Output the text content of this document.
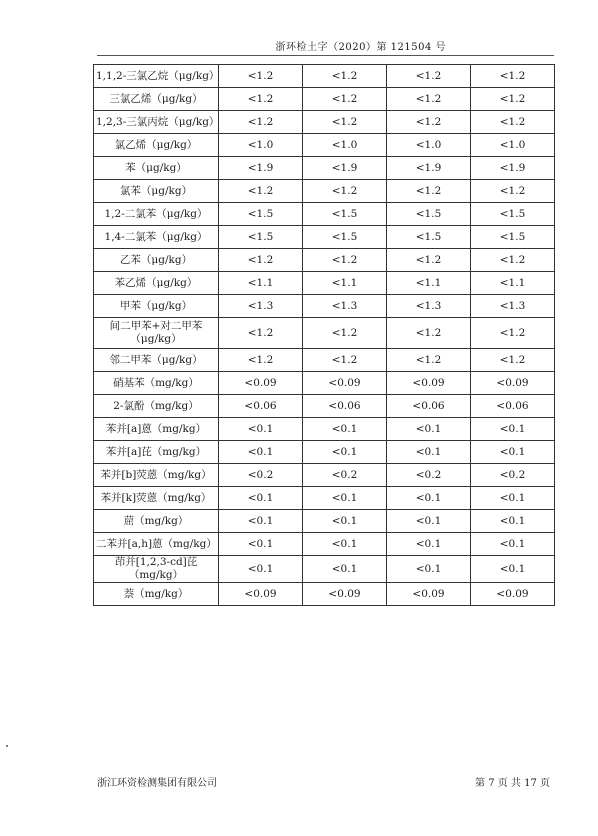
浙环检土字（2020）第 121504 号
1,1,2-三氯乙烷（μg/kg）	<1.2	<1.2	<1.2	<1.2
三氯乙烯（μg/kg）	<1.2	<1.2	<1.2	<1.2
1,2,3-三氯丙烷（μg/kg）	<1.2	<1.2	<1.2	<1.2
氯乙烯（μg/kg）	<1.0	<1.0	<1.0	<1.0
苯（μg/kg）	<1.9	<1.9	<1.9	<1.9
氯苯（μg/kg）	<1.2	<1.2	<1.2	<1.2
1,2-二氯苯（μg/kg）	<1.5	<1.5	<1.5	<1.5
1,4-二氯苯（μg/kg）	<1.5	<1.5	<1.5	<1.5
乙苯（μg/kg）	<1.2	<1.2	<1.2	<1.2
苯乙烯（μg/kg）	<1.1	<1.1	<1.1	<1.1
甲苯（μg/kg）	<1.3	<1.3	<1.3	<1.3
间二甲苯+对二甲苯（μg/kg）	<1.2	<1.2	<1.2	<1.2
邻二甲苯（μg/kg）	<1.2	<1.2	<1.2	<1.2
硝基苯（mg/kg）	<0.09	<0.09	<0.09	<0.09
2-氯酚（mg/kg）	<0.06	<0.06	<0.06	<0.06
苯并[a]蒽（mg/kg）	<0.1	<0.1	<0.1	<0.1
苯并[a]芘（mg/kg）	<0.1	<0.1	<0.1	<0.1
苯并[b]荧蒽（mg/kg）	<0.2	<0.2	<0.2	<0.2
苯并[k]荧蒽（mg/kg）	<0.1	<0.1	<0.1	<0.1
䓛（mg/kg）	<0.1	<0.1	<0.1	<0.1
二苯并[a,h]蒽（mg/kg）	<0.1	<0.1	<0.1	<0.1
茚并[1,2,3-cd]芘（mg/kg）	<0.1	<0.1	<0.1	<0.1
萘（mg/kg）	<0.09	<0.09	<0.09	<0.09
浙江环资检测集团有限公司	第 7 页 共 17 页
